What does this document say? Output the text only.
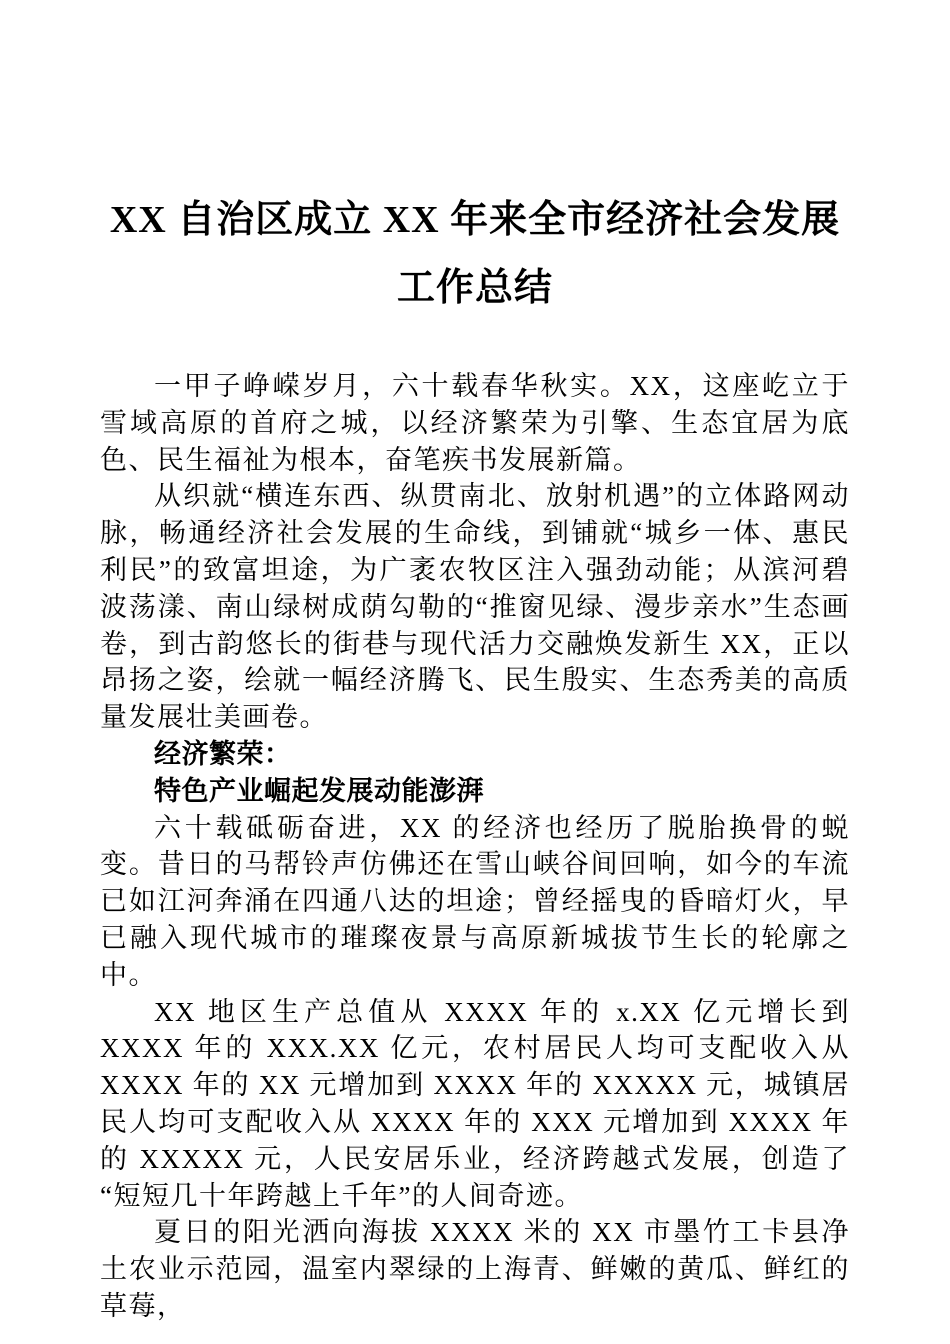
XX 自治区成立 XX 年来全市经济社会发展工作总结

一甲子峥嵘岁月，六十载春华秋实。XX，这座屹立于雪域高原的首府之城，以经济繁荣为引擎、生态宜居为底色、民生福祉为根本，奋笔疾书发展新篇。

从织就“横连东西、纵贯南北、放射机遇”的立体路网动脉，畅通经济社会发展的生命线，到铺就“城乡一体、惠民利民”的致富坦途，为广袤农牧区注入强劲动能；从滨河碧波荡漾、南山绿树成荫勾勒的“推窗见绿、漫步亲水”生态画卷，到古韵悠长的街巷与现代活力交融焕发新生 XX，正以昂扬之姿，绘就一幅经济腾飞、民生殷实、生态秀美的高质量发展壮美画卷。

经济繁荣：

特色产业崛起发展动能澎湃

六十载砥砺奋进，XX 的经济也经历了脱胎换骨的蜕变。昔日的马帮铃声仿佛还在雪山峡谷间回响，如今的车流已如江河奔涌在四通八达的坦途；曾经摇曳的昏暗灯火，早已融入现代城市的璀璨夜景与高原新城拔节生长的轮廓之中。

XX 地区生产总值从 XXXX 年的 x.XX 亿元增长到 XXXX 年的 XXX.XX 亿元，农村居民人均可支配收入从 XXXX 年的 XX 元增加到 XXXX 年的 XXXXX 元，城镇居民人均可支配收入从 XXXX 年的 XXX 元增加到 XXXX 年的 XXXXX 元，人民安居乐业，经济跨越式发展，创造了“短短几十年跨越上千年”的人间奇迹。

夏日的阳光洒向海拔 XXXX 米的 XX 市墨竹工卡县净土农业示范园，温室内翠绿的上海青、鲜嫩的黄瓜、鲜红的草莓，
